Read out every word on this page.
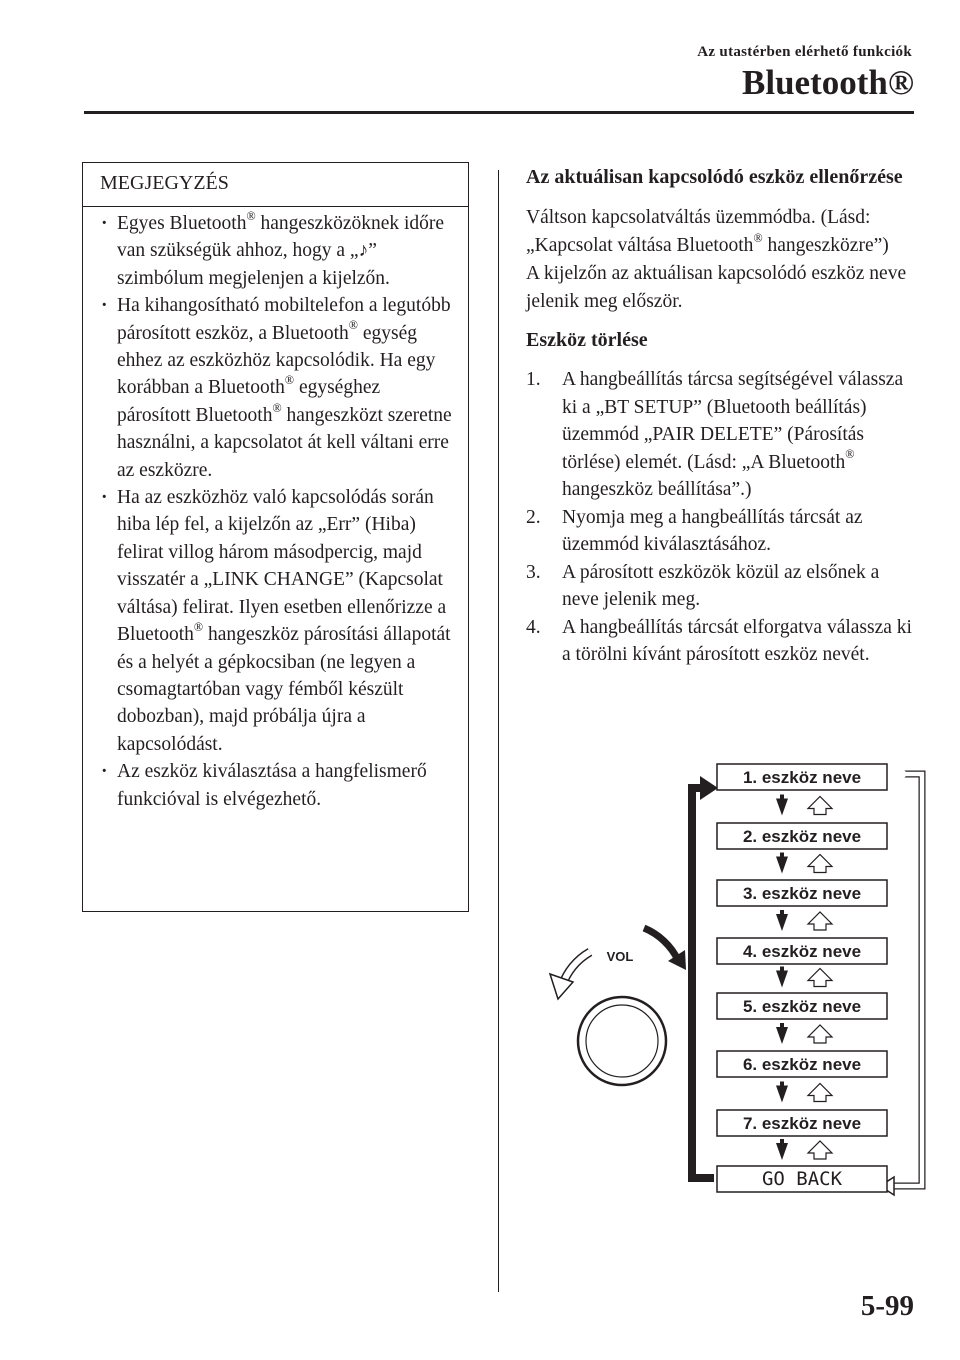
Az utastérben elérhető funkciók
Bluetooth®
MEGJEGYZÉS
· Egyes Bluetooth® hangeszközöknek időre van szükségük ahhoz, hogy a „♪” szimbólum megjelenjen a kijelzőn.
· Ha kihangosítható mobiltelefon a legutóbb párosított eszköz, a Bluetooth® egység ehhez az eszközhöz kapcsolódik. Ha egy korábban a Bluetooth® egységhez párosított Bluetooth® hangeszközt szeretne használni, a kapcsolatot át kell váltani erre az eszközre.
· Ha az eszközhöz való kapcsolódás során hiba lép fel, a kijelzőn az „Err” (Hiba) felirat villog három másodpercig, majd visszatér a „LINK CHANGE” (Kapcsolat váltása) felirat. Ilyen esetben ellenőrizze a Bluetooth® hangeszköz párosítási állapotát és a helyét a gépkocsiban (ne legyen a csomagtartóban vagy fémből készült dobozban), majd próbálja újra a kapcsolódást.
· Az eszköz kiválasztása a hangfelismerő funkcióval is elvégezhető.
Az aktuálisan kapcsolódó eszköz ellenőrzése
Váltson kapcsolatváltás üzemmódba. (Lásd: „Kapcsolat váltása Bluetooth® hangeszközre”)
A kijelzőn az aktuálisan kapcsolódó eszköz neve jelenik meg először.
Eszköz törlése
1. A hangbeállítás tárcsa segítségével válassza ki a „BT SETUP” (Bluetooth beállítás) üzemmód „PAIR DELETE” (Párosítás törlése) elemét. (Lásd: „A Bluetooth® hangeszköz beállítása”.)
2. Nyomja meg a hangbeállítás tárcsát az üzemmód kiválasztásához.
3. A párosított eszközök közül az elsőnek a neve jelenik meg.
4. A hangbeállítás tárcsát elforgatva válassza ki a törölni kívánt párosított eszköz nevét.
VOL
1. eszköz neve
2. eszköz neve
3. eszköz neve
4. eszköz neve
5. eszköz neve
6. eszköz neve
7. eszköz neve
GO BACK
5-99
